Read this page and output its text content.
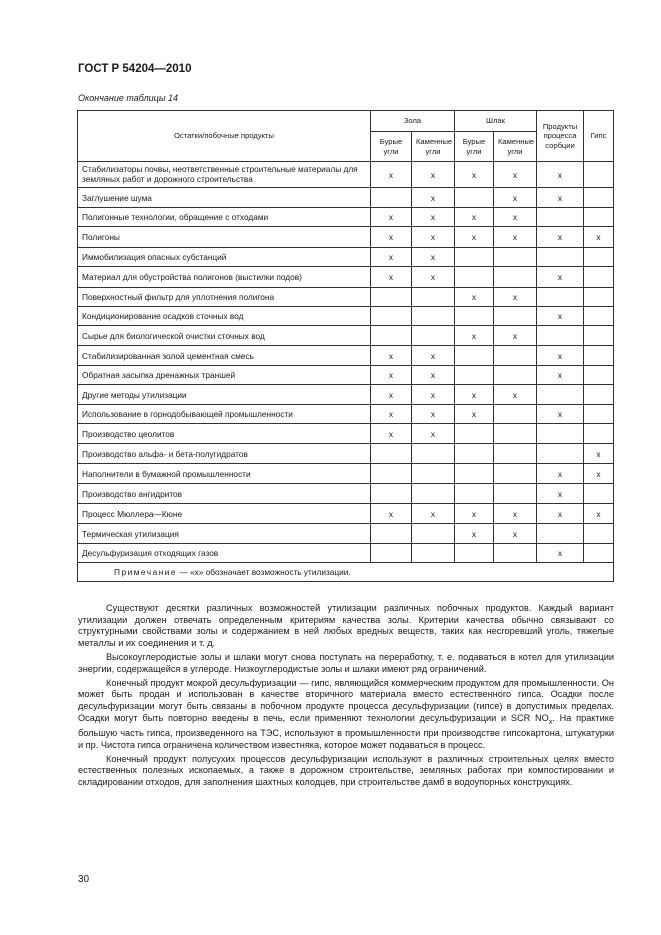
ГОСТ Р 54204—2010
Окончание таблицы 14
Остатки/побочные продукты	Зола		Шлак		Продукты процесса сорбции	Гипс
	Бурые угли	Каменные угли	Бурые угли	Каменные угли		
Стабилизаторы почвы, неответственные строительные материалы для земляных работ и дорожного строительства	x	x	x	x	x	
Заглушение шума		x		x	x	
Полигонные технологии, обращение с отходами	x	x	x	x		
Полигоны	x	x	x	x	x	x
Иммобилизация опасных субстанций	x	x				
Материал для обустройства полигонов (выстилки подов)	x	x			x	
Поверхностный фильтр для уплотнения полигона			x	x		
Кондиционирование осадков сточных вод					x	
Сырье для биологической очистки сточных вод			x	x		
Стабилизированная золой цементная смесь	x	x			x	
Обратная засыпка дренажных траншей	x	x			x	
Другие методы утилизации	x	x	x	x		
Использование в горнодобывающей промышленности	x	x	x		x	
Производство цеолитов	x	x				
Производство альфа- и бета-полугидратов						x
Наполнители в бумажной промышленности					x	x
Производство ангидритов					x	
Процесс Мюллера—Кюне	x	x	x	x	x	x
Термическая утилизация			x	x		
Десульфуризация отходящих газов					x	
Примечание — «x» обозначает возможность утилизации.						

Существуют десятки различных возможностей утилизации различных побочных продуктов. Каждый вариант утилизации должен отвечать определенным критериям качества золы. Критерии качества обычно связывают со структурными свойствами золы и содержанием в ней любых вредных веществ, таких как несгоревший уголь, тяжелые металлы и их соединения и т. д.

Высокоуглеродистые золы и шлаки могут снова поступать на переработку, т. е. подаваться в котел для утилизации энергии, содержащейся в углероде. Низкоуглеродистые золы и шлаки имеют ряд ограничений.

Конечный продукт мокрой десульфуризации — гипс, являющийся коммерческим продуктом для промышленности. Он может быть продан и использован в качестве вторичного материала вместо естественного гипса. Осадки после десульфуризации могут быть связаны в побочном продукте процесса десульфуризации (гипсе) в допустимых пределах. Осадки могут быть повторно введены в печь, если применяют технологии десульфуризации и SCR $NO_x$. На практике большую часть гипса, произведенного на ТЭС, используют в промышленности при производстве гипсокартона, штукатурки и пр. Чистота гипса ограничена количеством известняка, которое может подаваться в процесс.

Конечный продукт полусухих процессов десульфуризации используют в различных строительных целях вместо естественных полезных ископаемых, а также в дорожном строительстве, земляных работах при компостировании и складировании отходов, для заполнения шахтных колодцев, при строительстве дамб в водоупорных конструкциях.

30
